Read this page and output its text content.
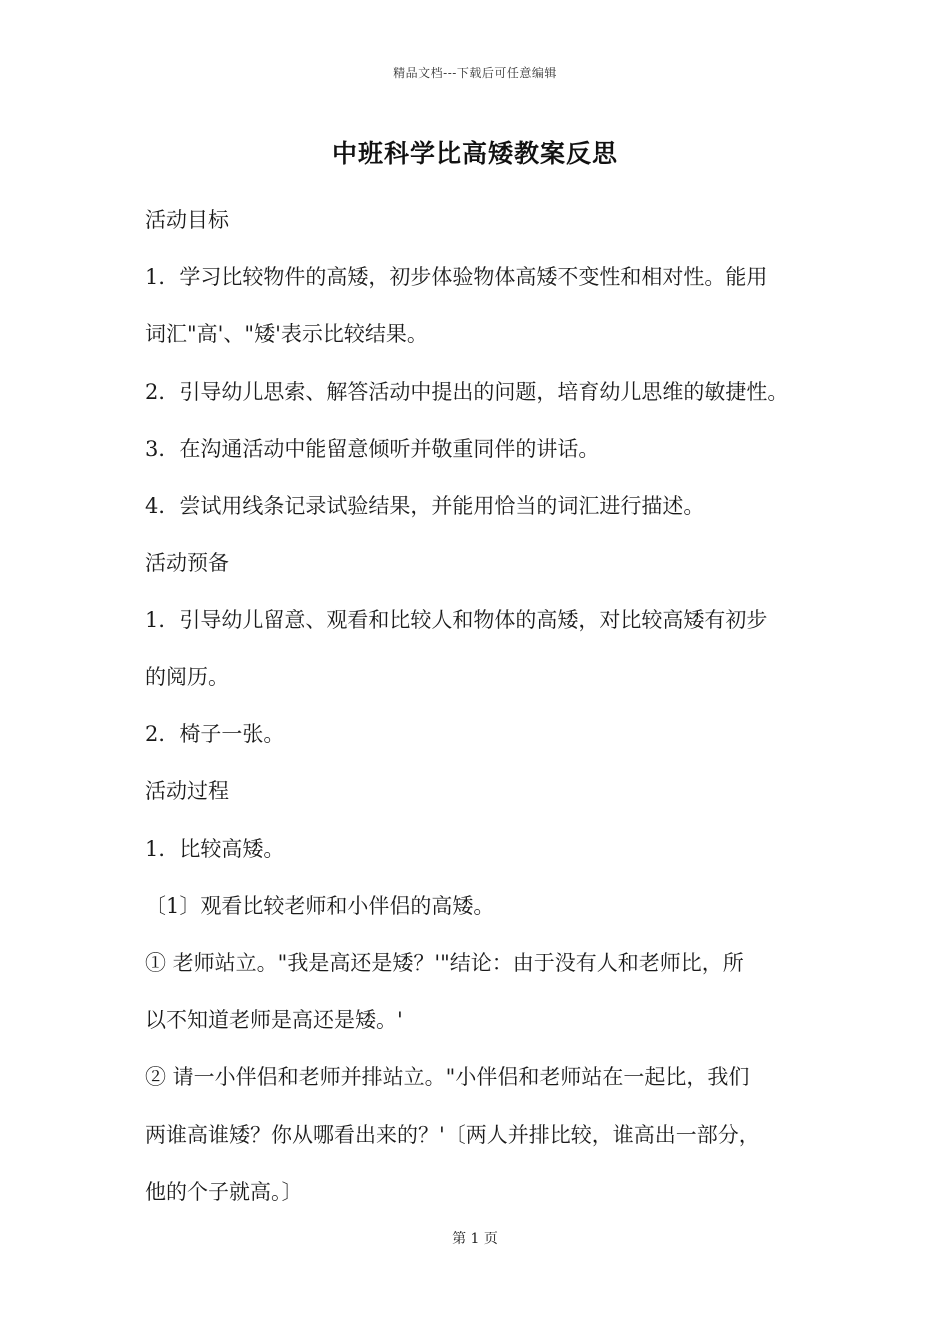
精品文档---下载后可任意编辑
中班科学比高矮教案反思
活动目标
1．学习比较物件的高矮，初步体验物体高矮不变性和相对性。能用
词汇"高'、"矮'表示比较结果。
2．引导幼儿思索、解答活动中提出的问题，培育幼儿思维的敏捷性。
3．在沟通活动中能留意倾听并敬重同伴的讲话。
4．尝试用线条记录试验结果，并能用恰当的词汇进行描述。
活动预备
1．引导幼儿留意、观看和比较人和物体的高矮，对比较高矮有初步
的阅历。
2．椅子一张。
活动过程
1．比较高矮。
〔1〕观看比较老师和小伴侣的高矮。
① 老师站立。"我是高还是矮？'"结论：由于没有人和老师比，所
以不知道老师是高还是矮。'
② 请一小伴侣和老师并排站立。"小伴侣和老师站在一起比，我们
两谁高谁矮？你从哪看出来的？'〔两人并排比较，谁高出一部分，
他的个子就高。〕
第 1 页
